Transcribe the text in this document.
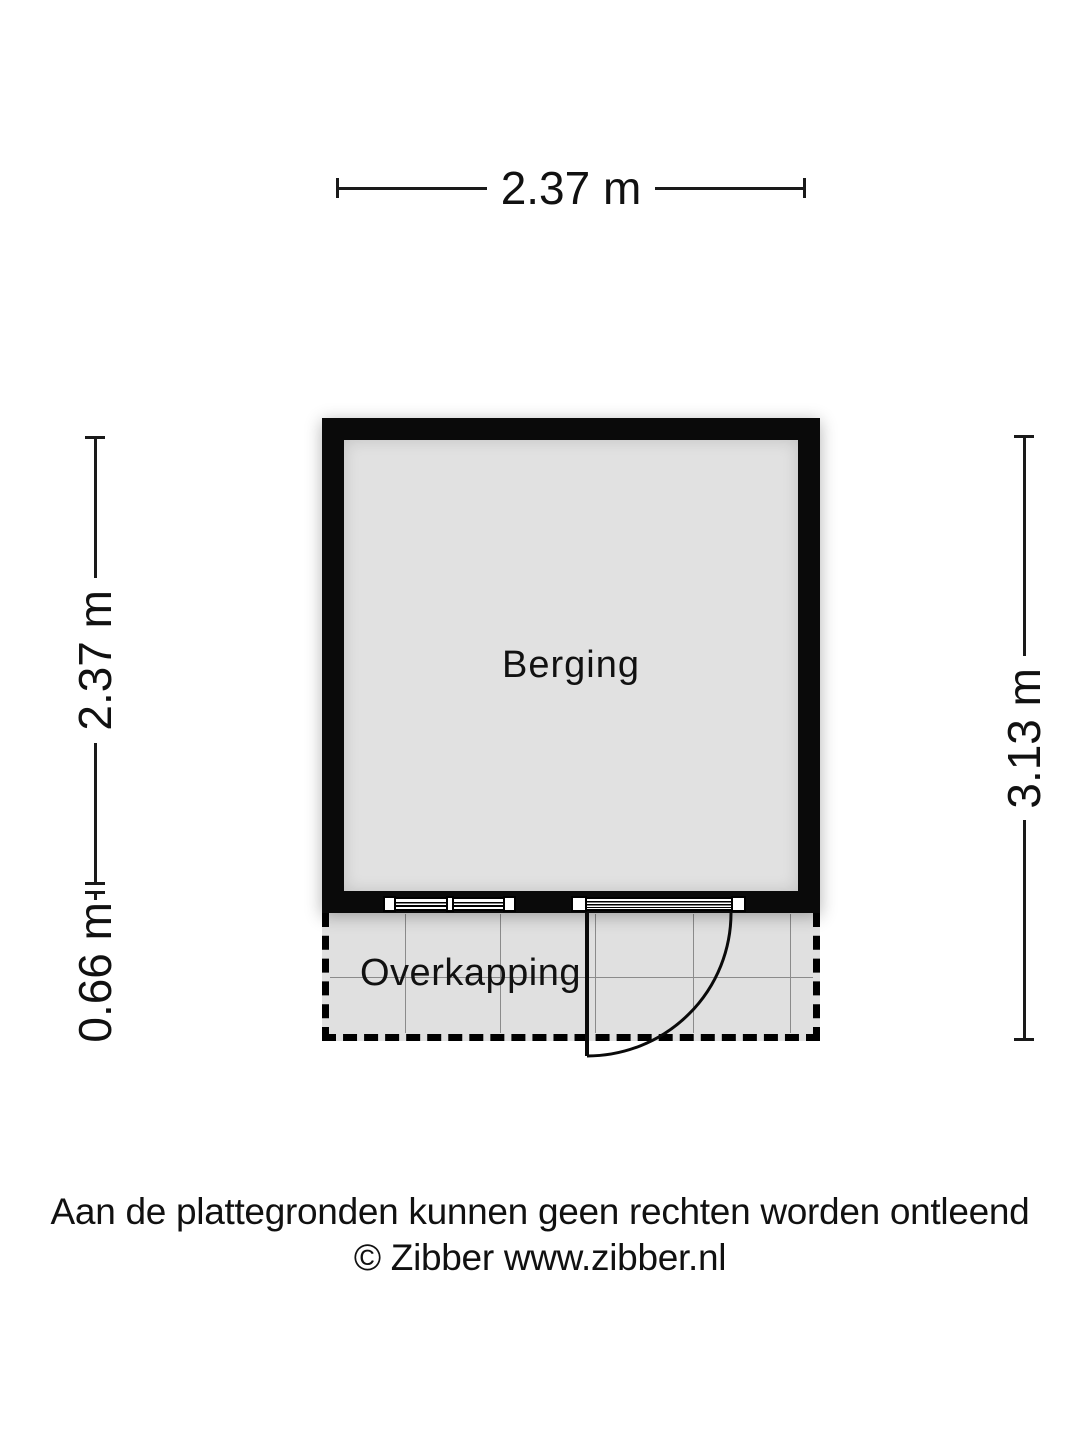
2.37 m
2.37 m
0.66 m
3.13 m
Overkapping
Berging
Aan de plattegronden kunnen geen rechten worden ontleend
© Zibber www.zibber.nl
